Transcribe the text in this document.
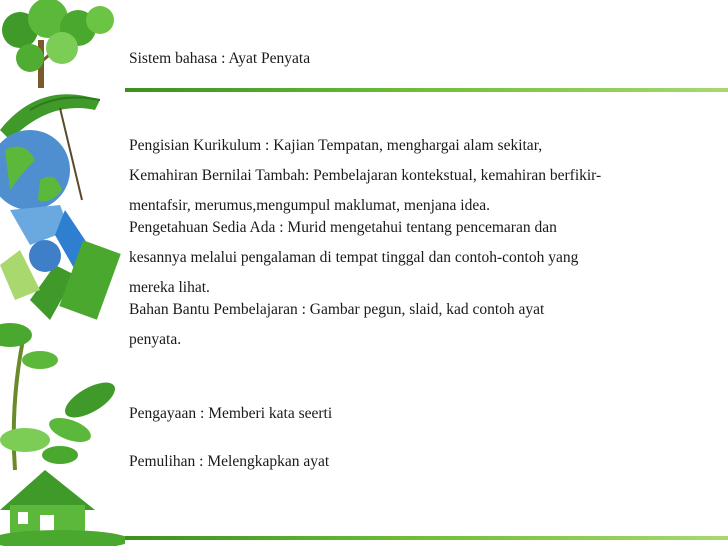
Sistem bahasa : Ayat Penyata
Pengisian Kurikulum : Kajian Tempatan, menghargai alam sekitar,
Kemahiran Bernilai Tambah: Pembelajaran kontekstual, kemahiran berfikir-
mentafsir, merumus,mengumpul maklumat, menjana idea.
Pengetahuan Sedia Ada : Murid mengetahui tentang pencemaran dan
kesannya melalui pengalaman di tempat tinggal dan contoh-contoh yang
mereka lihat.
Bahan Bantu Pembelajaran : Gambar pegun, slaid, kad contoh ayat
penyata.
Pengayaan : Memberi kata seerti
Pemulihan : Melengkapkan ayat
